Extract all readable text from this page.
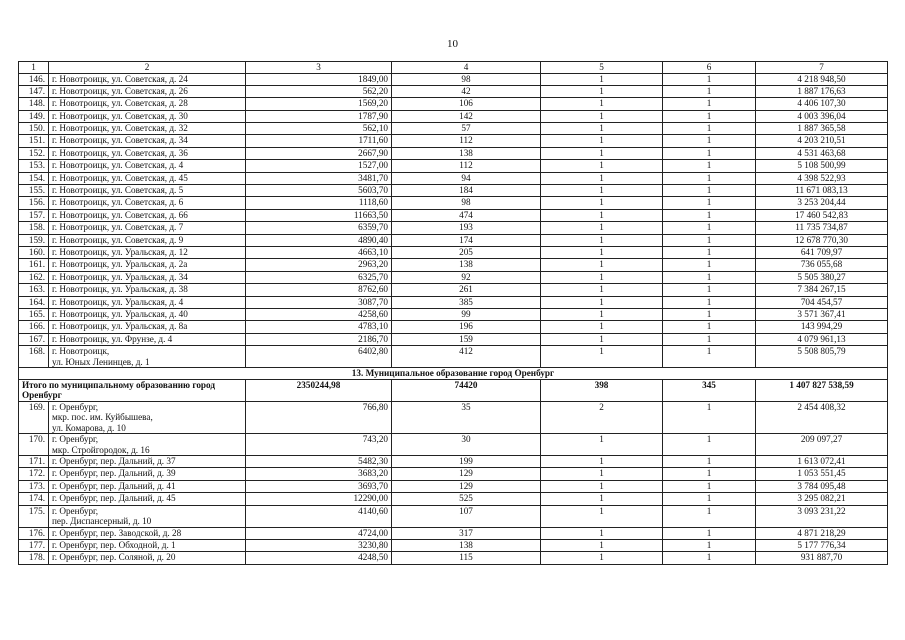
10
1	2	3	4	5	6	7
146.	г. Новотроицк, ул. Советская, д. 24	1849,00	98	1	1	4 218 948,50
147.	г. Новотроицк, ул. Советская, д. 26	562,20	42	1	1	1 887 176,63
148.	г. Новотроицк, ул. Советская, д. 28	1569,20	106	1	1	4 406 107,30
149.	г. Новотроицк, ул. Советская, д. 30	1787,90	142	1	1	4 003 396,04
150.	г. Новотроицк, ул. Советская, д. 32	562,10	57	1	1	1 887 365,58
151.	г. Новотроицк, ул. Советская, д. 34	1711,60	112	1	1	4 203 210,51
152.	г. Новотроицк, ул. Советская, д. 36	2667,90	138	1	1	4 531 463,68
153.	г. Новотроицк, ул. Советская, д. 4	1527,00	112	1	1	5 108 500,99
154.	г. Новотроицк, ул. Советская, д. 45	3481,70	94	1	1	4 398 522,93
155.	г. Новотроицк, ул. Советская, д. 5	5603,70	184	1	1	11 671 083,13
156.	г. Новотроицк, ул. Советская, д. 6	1118,60	98	1	1	3 253 204,44
157.	г. Новотроицк, ул. Советская, д. 66	11663,50	474	1	1	17 460 542,83
158.	г. Новотроицк, ул. Советская, д. 7	6359,70	193	1	1	11 735 734,87
159.	г. Новотроицк, ул. Советская, д. 9	4890,40	174	1	1	12 678 770,30
160.	г. Новотроицк, ул. Уральская, д. 12	4663,10	205	1	1	641 709,97
161.	г. Новотроицк, ул. Уральская, д. 2а	2963,20	138	1	1	736 055,68
162.	г. Новотроицк, ул. Уральская, д. 34	6325,70	92	1	1	5 505 380,27
163.	г. Новотроицк, ул. Уральская, д. 38	8762,60	261	1	1	7 384 267,15
164.	г. Новотроицк, ул. Уральская, д. 4	3087,70	385	1	1	704 454,57
165.	г. Новотроицк, ул. Уральская, д. 40	4258,60	99	1	1	3 571 367,41
166.	г. Новотроицк, ул. Уральская, д. 8а	4783,10	196	1	1	143 994,29
167.	г. Новотроицк, ул. Фрунзе, д. 4	2186,70	159	1	1	4 079 961,13
168.	г. Новотроицк,
ул. Юных Ленинцев, д. 1	6402,80	412	1	1	5 508 805,79
13. Муниципальное образование город Оренбург						
Итого по муниципальному образованию город Оренбург		2350244,98	74420	398	345	1 407 827 538,59
169.	г. Оренбург,
мкр. пос. им. Куйбышева,
ул. Комарова, д. 10	766,80	35	2	1	2 454 408,32
170.	г. Оренбург,
мкр. Стройгородок, д. 16	743,20	30	1	1	209 097,27
171.	г. Оренбург, пер. Дальний, д. 37	5482,30	199	1	1	1 613 072,41
172.	г. Оренбург, пер. Дальний, д. 39	3683,20	129	1	1	1 053 551,45
173.	г. Оренбург, пер. Дальний, д. 41	3693,70	129	1	1	3 784 095,48
174.	г. Оренбург, пер. Дальний, д. 45	12290,00	525	1	1	3 295 082,21
175.	г. Оренбург,
пер. Диспансерный, д. 10	4140,60	107	1	1	3 093 231,22
176.	г. Оренбург, пер. Заводской, д. 28	4724,00	317	1	1	4 871 218,29
177.	г. Оренбург, пер. Обходной, д. 1	3230,80	138	1	1	5 177 776,34
178.	г. Оренбург, пер. Соляной, д. 20	4248,50	115	1	1	931 887,70
